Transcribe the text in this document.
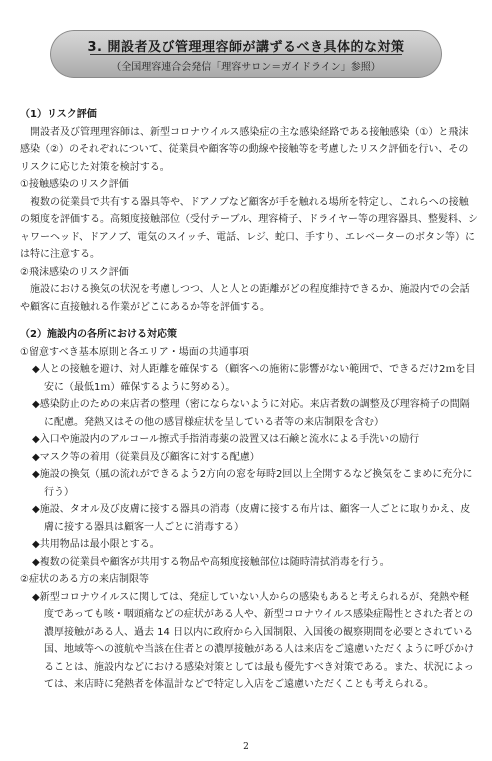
3. 開設者及び管理理容師が講ずるべき具体的な対策
（全国理容連合会発信「理容サロン＝ガイドライン」参照）

（1）リスク評価

開設者及び管理理容師は、新型コロナウイルス感染症の主な感染経路である接触感染（①）と飛沫感染（②）のそれぞれについて、従業員や顧客等の動線や接触等を考慮したリスク評価を行い、そのリスクに応じた対策を検討する。

①接触感染のリスク評価

複数の従業員で共有する器具等や、ドアノブなど顧客が手を触れる場所を特定し、これらへの接触の頻度を評価する。高頻度接触部位（受付テーブル、理容椅子、ドライヤー等の理容器具、整髪料、シャワーヘッド、ドアノブ、電気のスイッチ、電話、レジ、蛇口、手すり、エレベーターのボタン等）には特に注意する。

②飛沫感染のリスク評価

施設における換気の状況を考慮しつつ、人と人との距離がどの程度維持できるか、施設内での会話や顧客に直接触れる作業がどこにあるか等を評価する。

（2）施設内の各所における対応策

①留意すべき基本原則と各エリア・場面の共通事項

◆人との接触を避け、対人距離を確保する（顧客への施術に影響がない範囲で、できるだけ2ｍを目安に（最低1ｍ）確保するように努める）。

◆感染防止のための来店者の整理（密にならないように対応。来店者数の調整及び理容椅子の間隔に配慮。発熱又はその他の感冒様症状を呈している者等の来店制限を含む）

◆入口や施設内のアルコール擦式手指消毒薬の設置又は石鹸と流水による手洗いの励行

◆マスク等の着用（従業員及び顧客に対する配慮）

◆施設の換気（風の流れができるよう2方向の窓を毎時2回以上全開するなど換気をこまめに充分に行う）

◆施設、タオル及び皮膚に接する器具の消毒（皮膚に接する布片は、顧客一人ごとに取りかえ、皮膚に接する器具は顧客一人ごとに消毒する）

◆共用物品は最小限とする。

◆複数の従業員や顧客が共用する物品や高頻度接触部位は随時清拭消毒を行う。

②症状のある方の来店制限等

◆新型コロナウイルスに関しては、発症していない人からの感染もあると考えられるが、発熱や軽度であっても咳・咽頭痛などの症状がある人や、新型コロナウイルス感染症陽性とされた者との濃厚接触がある人、過去 14 日以内に政府から入国制限、入国後の観察期間を必要とされている国、地域等への渡航や当該在住者との濃厚接触がある人は来店をご遠慮いただくように呼びかけることは、施設内などにおける感染対策としては最も優先すべき対策である。また、状況によっては、来店時に発熱者を体温計などで特定し入店をご遠慮いただくことも考えられる。

2
